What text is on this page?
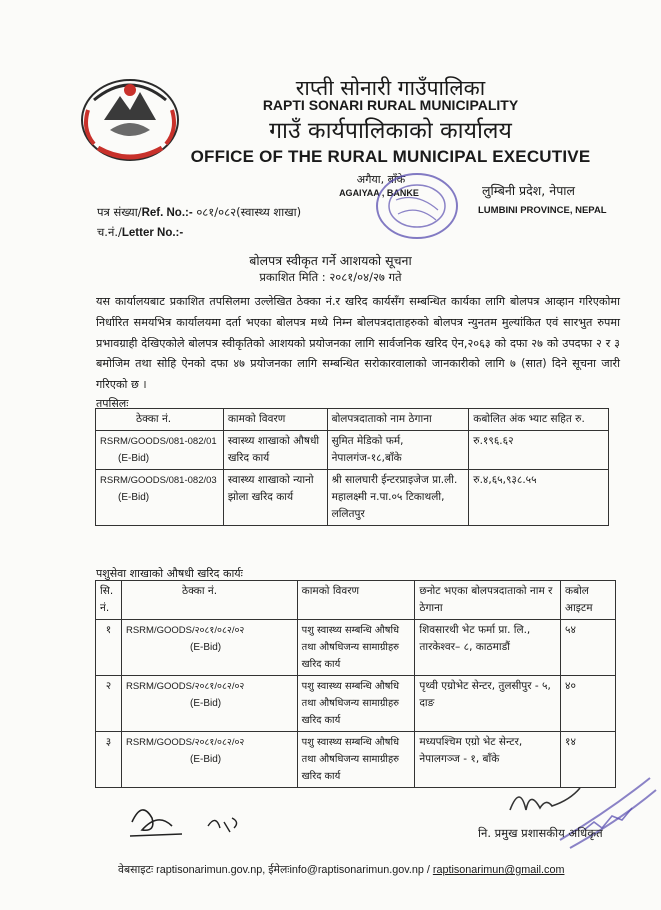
राप्ती सोनारी गाउँपालिका
RAPTI SONARI RURAL MUNICIPALITY
गाउँ कार्यपालिकाको कार्यालय
OFFICE OF THE RURAL MUNICIPAL EXECUTIVE
अगैया, बाँके
AGAIYAA , BANKE	लुम्बिनी प्रदेश, नेपाल
LUMBINI PROVINCE, NEPAL
पत्र संख्या/Ref. No.:- ०८१/०८२(स्वास्थ्य शाखा)
च.नं./Letter No.:-
बोलपत्र स्वीकृत गर्ने आशयको सूचना
प्रकाशित मिति : २०८१/०४/२७ गते
यस कार्यालयबाट प्रकाशित तपसिलमा उल्लेखित ठेक्का नं.र खरिद कार्यसँग सम्बन्धित कार्यका लागि बोलपत्र आव्हान गरिएकोमा निर्धारित समयभित्र कार्यालयमा दर्ता भएका बोलपत्र मध्ये निम्न बोलपत्रदाताहरुको बोलपत्र न्युनतम मुल्यांकित एवं सारभुत रुपमा प्रभावग्राही देखिएकोले बोलपत्र स्वीकृतिको आशयको प्रयोजनका लागि सार्वजनिक खरिद ऐन,२०६३ को दफा २७ को उपदफा २ र ३ बमोजिम तथा सोहि ऐनको दफा ४७ प्रयोजनका लागि सम्बन्धित सरोकारवालाको जानकारीको लागि ७ (सात) दिने सूचना जारी गरिएको छ ।
तपसिलः
ठेक्का नं.	कामको विवरण	बोलपत्रदाताको नाम ठेगाना	कबोलित अंक भ्याट सहित रु.
RSRM/GOODS/081-082/01
(E-Bid)	स्वास्थ्य शाखाको औषधी खरिद कार्य	सुमित मेडिको फर्म, नेपालगंज-१८,बाँके	रु.१९६.६२
RSRM/GOODS/081-082/03
(E-Bid)	स्वास्थ्य शाखाको न्यानो झोला खरिद कार्य	श्री सालघारी ईन्टरप्राइजेज प्रा.ली. महालक्ष्मी न.पा.०५ टिकाथली, ललितपुर	रु.४,६५,९३८.५५
पशुसेवा शाखाको औषधी खरिद कार्यः
सि. नं.	ठेक्का नं.	कामको विवरण	छनोट भएका बोलपत्रदाताको नाम र ठेगाना	कबोल आइटम
१	RSRM/GOODS/२०८१/०८२/०२
(E-Bid)	पशु स्वास्थ्य सम्बन्धि औषधि तथा औषधिजन्य सामाग्रीहरु खरिद कार्य	शिवसारथी भेट फर्मा प्रा. लि., तारकेश्वर– ८, काठमाडौं	५४
२	RSRM/GOODS/२०८१/०८२/०२
(E-Bid)	पशु स्वास्थ्य सम्बन्धि औषधि तथा औषधिजन्य सामाग्रीहरु खरिद कार्य	पृथ्वी एग्रोभेट सेन्टर, तुलसीपुर - ५, दाङ	४०
३	RSRM/GOODS/२०८१/०८२/०२
(E-Bid)	पशु स्वास्थ्य सम्बन्धि औषधि तथा औषधिजन्य सामाग्रीहरु खरिद कार्य	मध्यपश्चिम एग्रो भेट सेन्टर, नेपालगञ्ज - १, बाँके	१४
नि. प्रमुख प्रशासकीय अधिकृत
वेबसाइटः raptisonarimun.gov.np, ईमेलःinfo@raptisonarimun.gov.np / raptisonarimun@gmail.com
